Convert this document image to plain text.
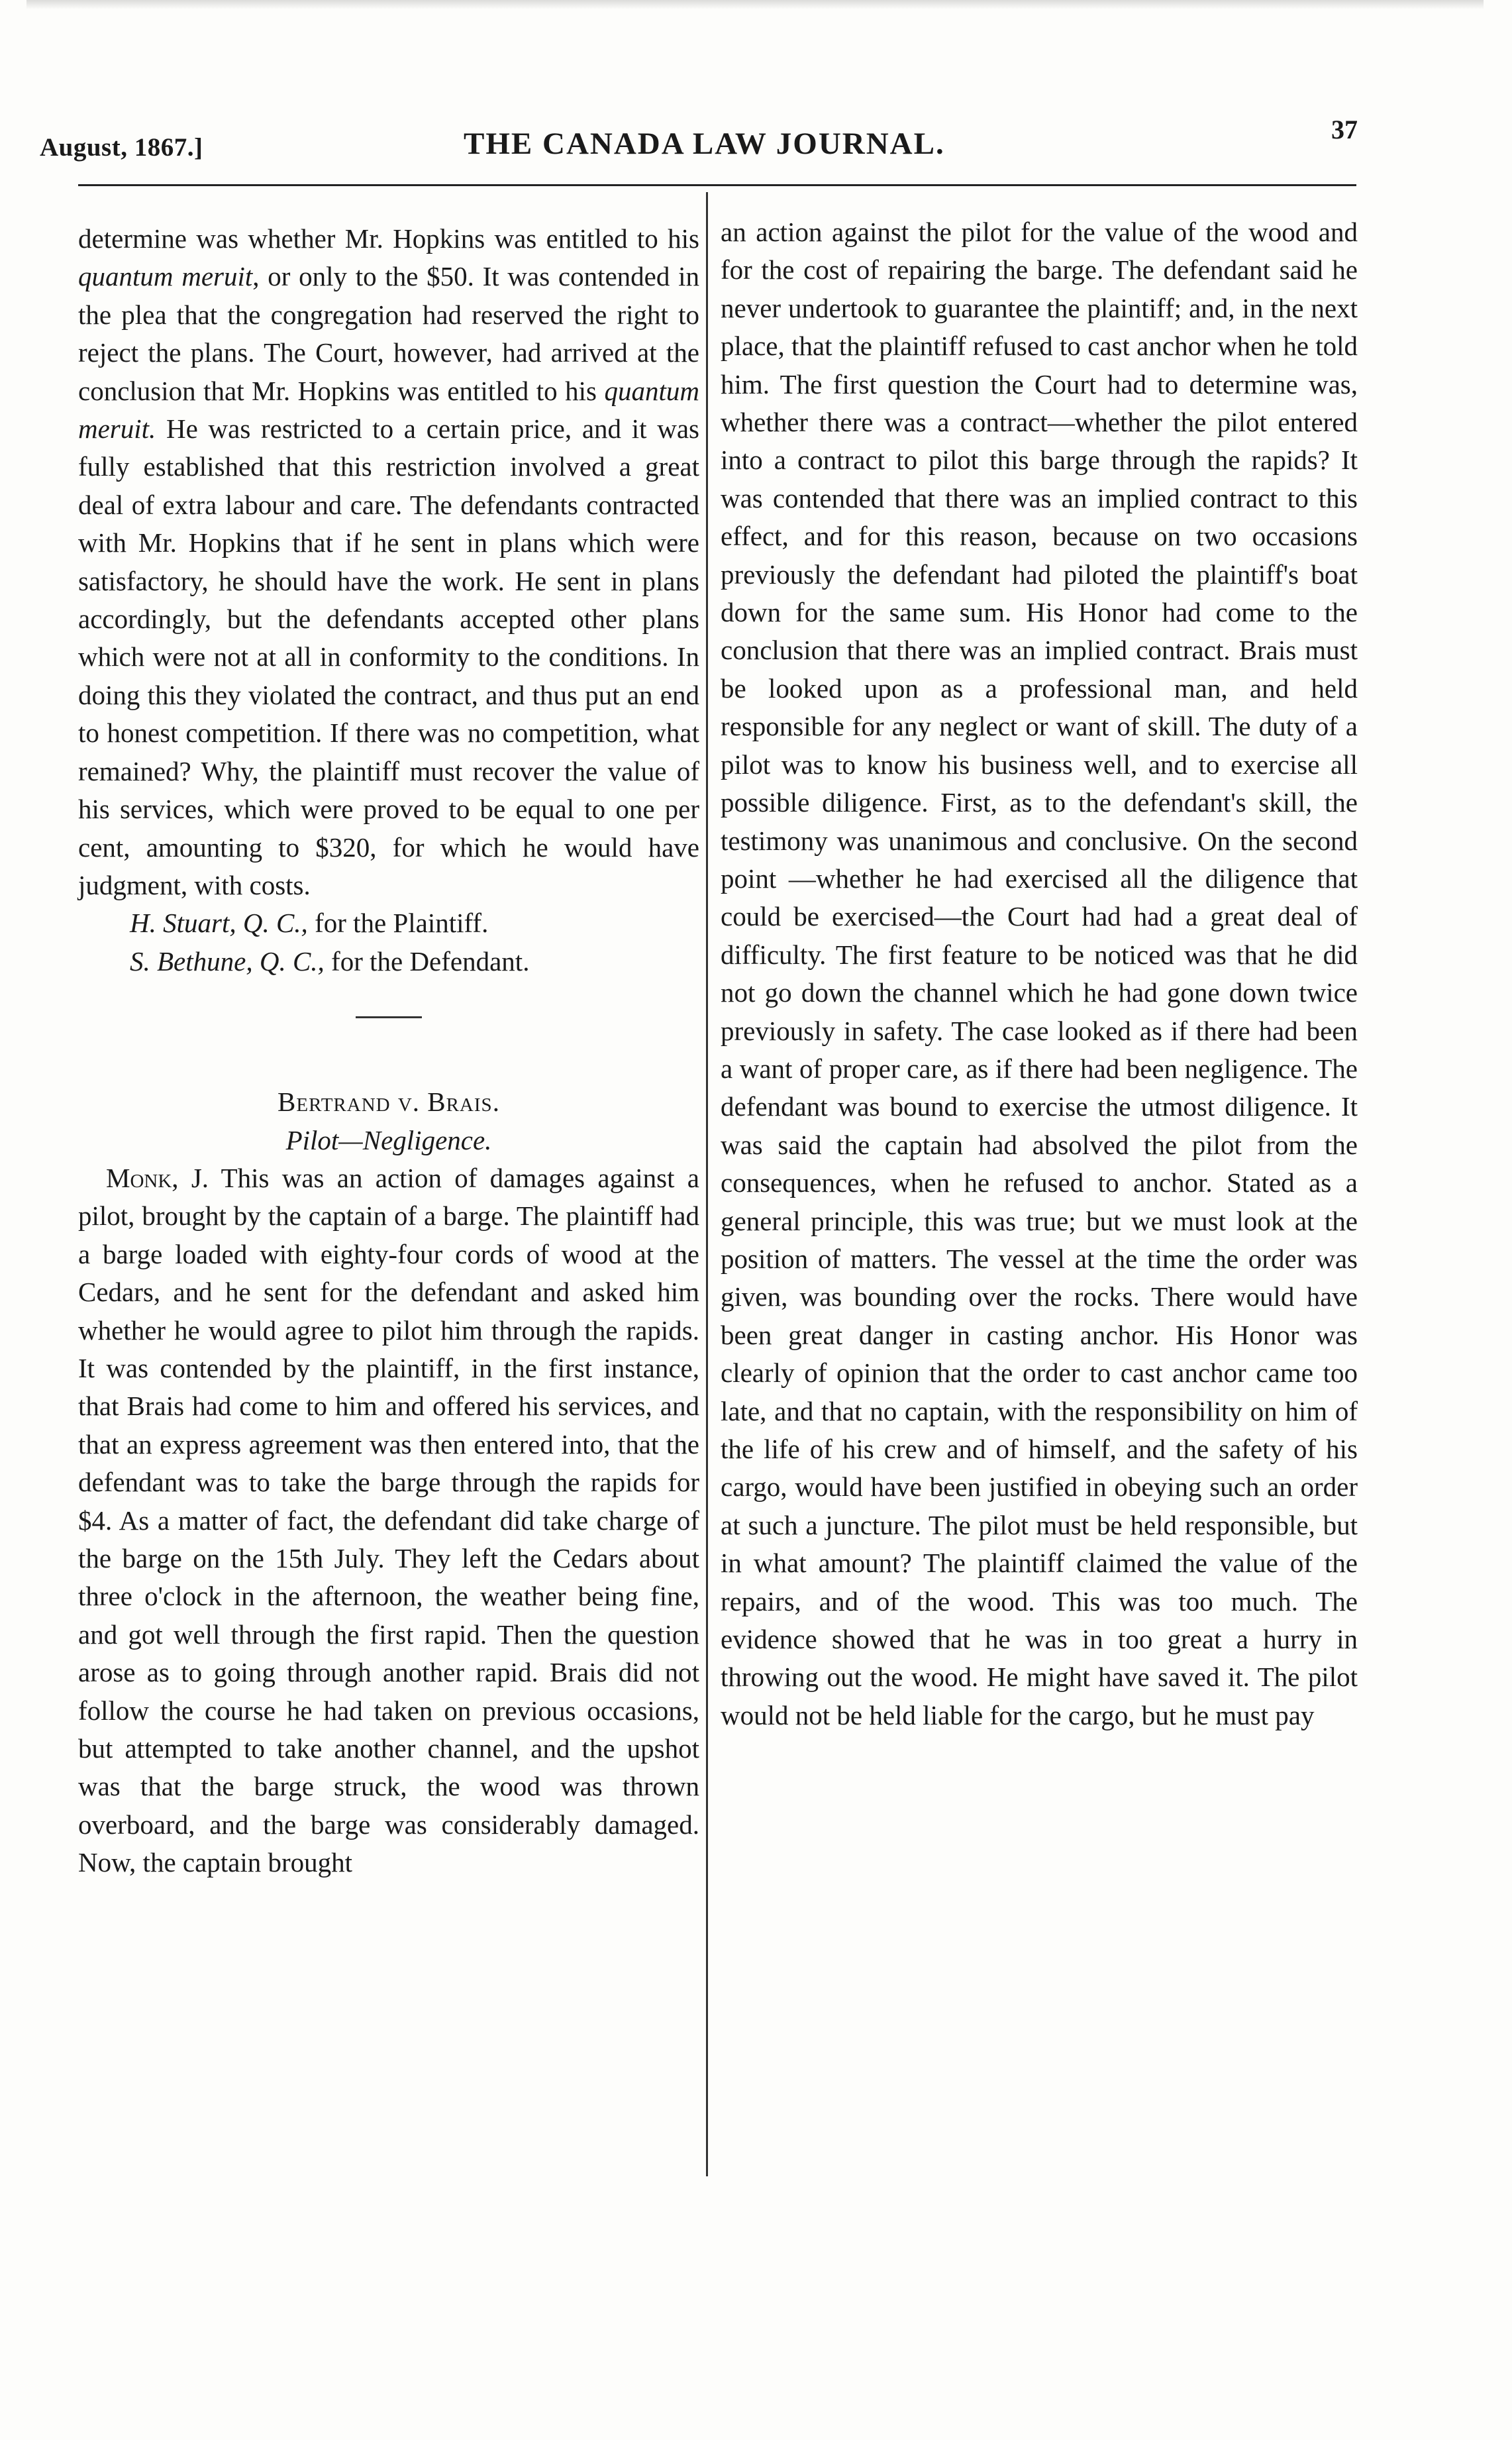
August, 1867.]	THE CANADA LAW JOURNAL.	37

determine was whether Mr. Hopkins was entitled to his quantum meruit, or only to the $50. It was contended in the plea that the congregation had reserved the right to reject the plans. The Court, however, had arrived at the conclusion that Mr. Hopkins was entitled to his quantum meruit. He was restricted to a certain price, and it was fully established that this restriction involved a great deal of extra labour and care. The defendants contracted with Mr. Hopkins that if he sent in plans which were satisfactory, he should have the work. He sent in plans accordingly, but the defendants accepted other plans which were not at all in conformity to the conditions. In doing this they violated the contract, and thus put an end to honest competition. If there was no competition, what remained? Why, the plaintiff must recover the value of his services, which were proved to be equal to one per cent, amounting to $320, for which he would have judgment, with costs.

H. Stuart, Q. C., for the Plaintiff.

S. Bethune, Q. C., for the Defendant.

Bertrand v. Brais.

Pilot—Negligence.

Monk, J. This was an action of damages against a pilot, brought by the captain of a barge. The plaintiff had a barge loaded with eighty-four cords of wood at the Cedars, and he sent for the defendant and asked him whether he would agree to pilot him through the rapids. It was contended by the plaintiff, in the first instance, that Brais had come to him and offered his services, and that an express agreement was then entered into, that the defendant was to take the barge through the rapids for $4. As a matter of fact, the defendant did take charge of the barge on the 15th July. They left the Cedars about three o'clock in the afternoon, the weather being fine, and got well through the first rapid. Then the question arose as to going through another rapid. Brais did not follow the course he had taken on previous occasions, but attempted to take another channel, and the upshot was that the barge struck, the wood was thrown overboard, and the barge was considerably damaged. Now, the captain brought

an action against the pilot for the value of the wood and for the cost of repairing the barge. The defendant said he never undertook to guarantee the plaintiff; and, in the next place, that the plaintiff refused to cast anchor when he told him. The first question the Court had to determine was, whether there was a contract—whether the pilot entered into a contract to pilot this barge through the rapids? It was contended that there was an implied contract to this effect, and for this reason, because on two occasions previously the defendant had piloted the plaintiff's boat down for the same sum. His Honor had come to the conclusion that there was an implied contract. Brais must be looked upon as a professional man, and held responsible for any neglect or want of skill. The duty of a pilot was to know his business well, and to exercise all possible diligence. First, as to the defendant's skill, the testimony was unanimous and conclusive. On the second point —whether he had exercised all the diligence that could be exercised—the Court had had a great deal of difficulty. The first feature to be noticed was that he did not go down the channel which he had gone down twice previously in safety. The case looked as if there had been a want of proper care, as if there had been negligence. The defendant was bound to exercise the utmost diligence. It was said the captain had absolved the pilot from the consequences, when he refused to anchor. Stated as a general principle, this was true; but we must look at the position of matters. The vessel at the time the order was given, was bounding over the rocks. There would have been great danger in casting anchor. His Honor was clearly of opinion that the order to cast anchor came too late, and that no captain, with the responsibility on him of the life of his crew and of himself, and the safety of his cargo, would have been justified in obeying such an order at such a juncture. The pilot must be held responsible, but in what amount? The plaintiff claimed the value of the repairs, and of the wood. This was too much. The evidence showed that he was in too great a hurry in throwing out the wood. He might have saved it. The pilot would not be held liable for the cargo, but he must pay
